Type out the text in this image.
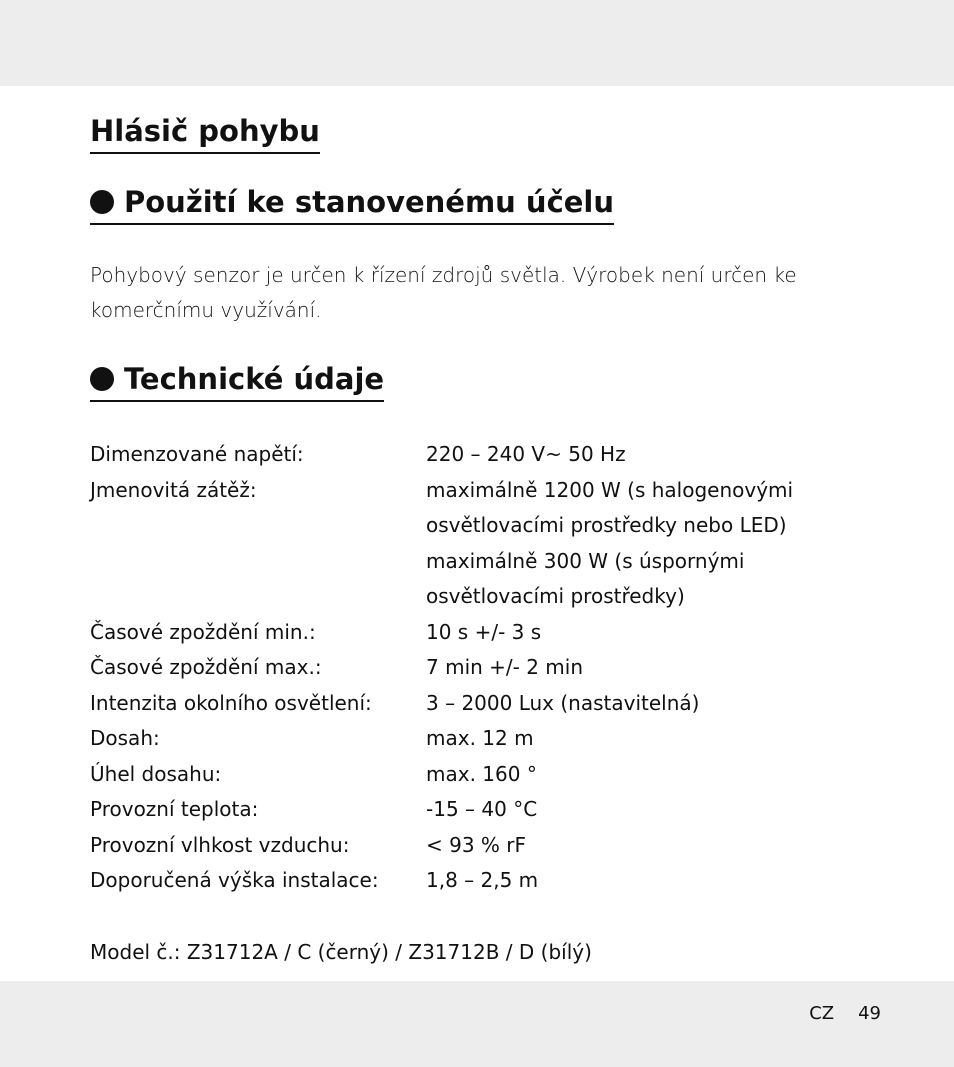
Hlásič pohybu
Použití ke stanovenému účelu

Pohybový senzor je určen k řízení zdrojů světla. Výrobek není určen ke komerčnímu využívání.

Technické údaje
Dimenzované napětí:	220 – 240 V~ 50 Hz
Jmenovitá zátěž:	maximálně 1200 W (s halogenovými
osvětlovacími prostředky nebo LED)
maximálně 300 W (s úspornými
osvětlovacími prostředky)
Časové zpoždění min.:	10 s +/- 3 s
Časové zpoždění max.:	7 min +/- 2 min
Intenzita okolního osvětlení:	3 – 2000 Lux (nastavitelná)
Dosah:	max. 12 m
Úhel dosahu:	max. 160 °
Provozní teplota:	-15 – 40 °C
Provozní vlhkost vzduchu:	< 93 % rF
Doporučená výška instalace:	1,8 – 2,5 m

Model č.: Z31712A / C (černý) / Z31712B / D (bílý)

CZ 49
